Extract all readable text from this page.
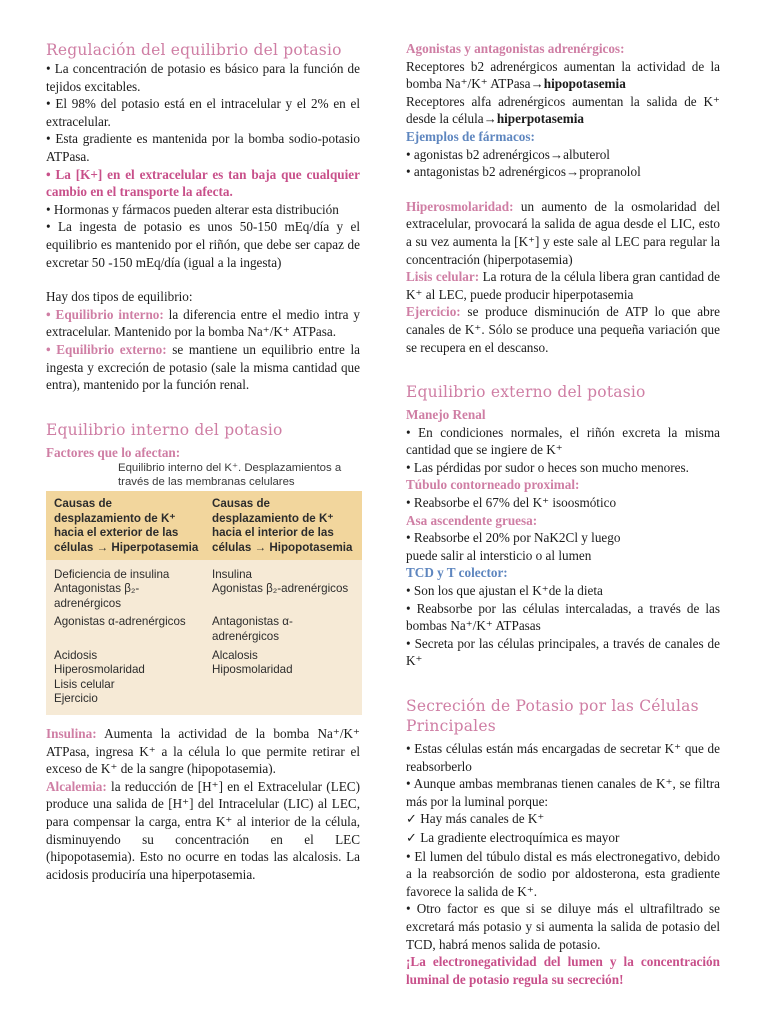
Regulación del equilibrio del potasio

• La concentración de potasio es básico para la función de tejidos excitables.

• El 98% del potasio está en el intracelular y el 2% en el extracelular.

• Esta gradiente es mantenida por la bomba sodio-potasio ATPasa.

• La [K+] en el extracelular es tan baja que cualquier cambio en el transporte la afecta.

• Hormonas y fármacos pueden alterar esta distribución

• La ingesta de potasio es unos 50-150 mEq/día y el equilibrio es mantenido por el riñón, que debe ser capaz de excretar 50 -150 mEq/día (igual a la ingesta)

Hay dos tipos de equilibrio:

• Equilibrio interno: la diferencia entre el medio intra y extracelular. Mantenido por la bomba Na⁺/K⁺ ATPasa.

• Equilibrio externo: se mantiene un equilibrio entre la ingesta y excreción de potasio (sale la misma cantidad que entra), mantenido por la función renal.

Equilibrio interno del potasio

Factores que lo afectan:

Equilibrio interno del K⁺. Desplazamientos a través de las membranas celulares
Causas de desplazamiento de K⁺ hacia el exterior de las células → Hiperpotasemia	Causas de desplazamiento de K⁺ hacia el interior de las células → Hipopotasemia

Deficiencia de insulina	Insulina
Antagonistas β₂-adrenérgicos	Agonistas β₂-adrenérgicos
Agonistas α-adrenérgicos	Antagonistas α-adrenérgicos
Acidosis	Alcalosis
Hiperosmolaridad	Hiposmolaridad
Lisis celular	
Ejercicio	

Insulina: Aumenta la actividad de la bomba Na⁺/K⁺ ATPasa, ingresa K⁺ a la célula lo que permite retirar el exceso de K⁺ de la sangre (hipopotasemia).

Alcalemia: la reducción de [H⁺] en el Extracelular (LEC) produce una salida de [H⁺] del Intracelular (LIC) al LEC, para compensar la carga, entra K⁺ al interior de la célula, disminuyendo su concentración en el LEC (hipopotasemia). Esto no ocurre en todas las alcalosis. La acidosis produciría una hiperpotasemia.

Agonistas y antagonistas adrenérgicos:

Receptores b2 adrenérgicos aumentan la actividad de la bomba Na⁺/K⁺ ATPasa→hipopotasemia

Receptores alfa adrenérgicos aumentan la salida de K⁺ desde la célula→hiperpotasemia

Ejemplos de fármacos:

• agonistas b2 adrenérgicos→albuterol

• antagonistas b2 adrenérgicos→propranolol

Hiperosmolaridad: un aumento de la osmolaridad del extracelular, provocará la salida de agua desde el LIC, esto a su vez aumenta la [K⁺] y este sale al LEC para regular la concentración (hiperpotasemia)

Lisis celular: La rotura de la célula libera gran cantidad de K⁺ al LEC, puede producir hiperpotasemia

Ejercicio: se produce disminución de ATP lo que abre canales de K⁺. Sólo se produce una pequeña variación que se recupera en el descanso.

Equilibrio externo del potasio

Manejo Renal

• En condiciones normales, el riñón excreta la misma cantidad que se ingiere de K⁺

• Las pérdidas por sudor o heces son mucho menores.

Túbulo contorneado proximal:

• Reabsorbe el 67% del K⁺ isoosmótico

Asa ascendente gruesa:

• Reabsorbe el 20% por NaK2Cl y luego

puede salir al intersticio o al lumen

TCD y T colector:

• Son los que ajustan el K⁺de la dieta

• Reabsorbe por las células intercaladas, a través de las bombas Na⁺/K⁺ ATPasas

• Secreta por las células principales, a través de canales de K⁺

Secreción de Potasio por las Células Principales

• Estas células están más encargadas de secretar K⁺ que de reabsorberlo

• Aunque ambas membranas tienen canales de K⁺, se filtra más por la luminal porque:

✓ Hay más canales de K⁺

✓ La gradiente electroquímica es mayor

• El lumen del túbulo distal es más electronegativo, debido a la reabsorción de sodio por aldosterona, esta gradiente favorece la salida de K⁺.

• Otro factor es que si se diluye más el ultrafiltrado se excretará más potasio y si aumenta la salida de potasio del TCD, habrá menos salida de potasio.

¡La electronegatividad del lumen y la concentración luminal de potasio regula su secreción!
